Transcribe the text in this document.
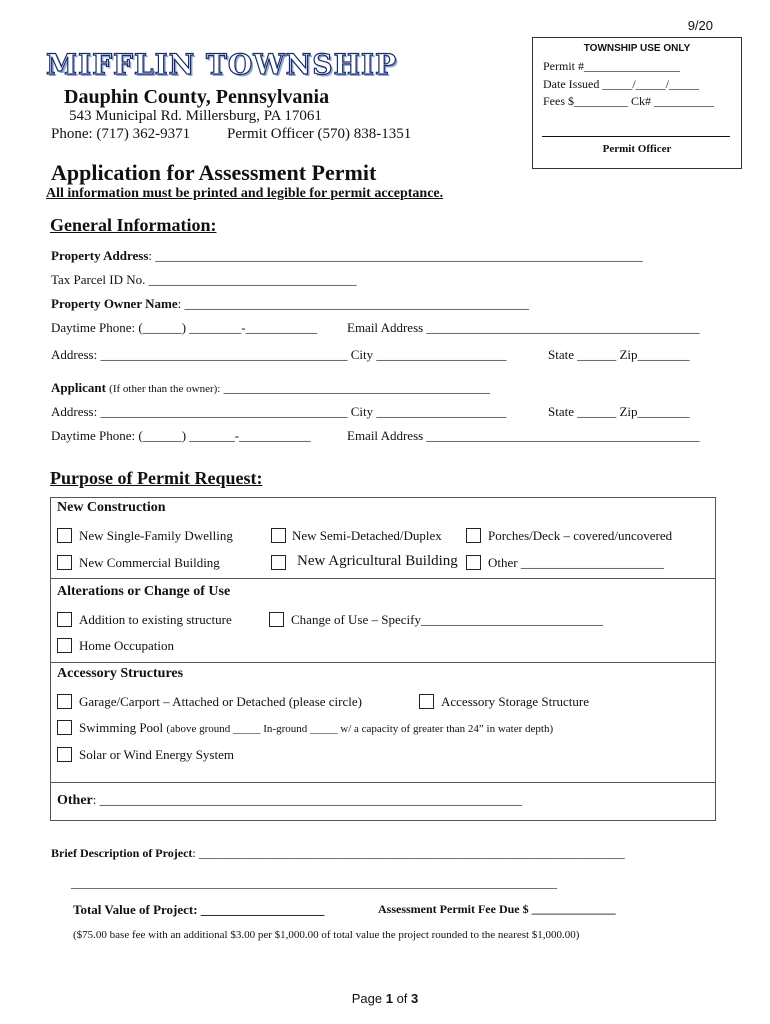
9/20
MIFFLIN TOWNSHIP
Dauphin County, Pennsylvania
543 Municipal Rd. Millersburg, PA 17061
Phone: (717) 362-9371 Permit Officer (570) 838-1351
TOWNSHIP USE ONLY
Permit #________________
Date Issued _____/_____/_____
Fees $_________ Ck# __________
Permit Officer
Application for Assessment Permit
All information must be printed and legible for permit acceptance.
General Information:
Property Address: ___________________________________________________________________________
Tax Parcel ID No. ________________________________
Property Owner Name: _____________________________________________________
Daytime Phone: (______) ________-___________ Email Address __________________________________________
Address: ______________________________________ City ____________________	State ______ Zip________
Applicant (If other than the owner): _________________________________________
Address: ______________________________________ City ____________________	State ______ Zip________
Daytime Phone: (______) _______-___________	Email Address __________________________________________
Purpose of Permit Request:
New Construction
New Single-Family Dwelling	New Semi-Detached/Duplex	Porches/Deck – covered/uncovered
New Commercial Building	New Agricultural Building Other ______________________
Alterations or Change of Use
Addition to existing structure	Change of Use – Specify____________________________
Home Occupation
Accessory Structures
Garage/Carport – Attached or Detached (please circle)	Accessory Storage Structure
Swimming Pool (above ground _____ In-ground _____ w/ a capacity of greater than 24” in water depth)
Solar or Wind Energy System
Other: _________________________________________________________________
Brief Description of Project: _______________________________________________________________________
_________________________________________________________________________________
Total Value of Project: ___________________	Assessment Permit Fee Due $ ______________
($75.00 base fee with an additional $3.00 per $1,000.00 of total value the project rounded to the nearest $1,000.00)
Page 1 of 3
